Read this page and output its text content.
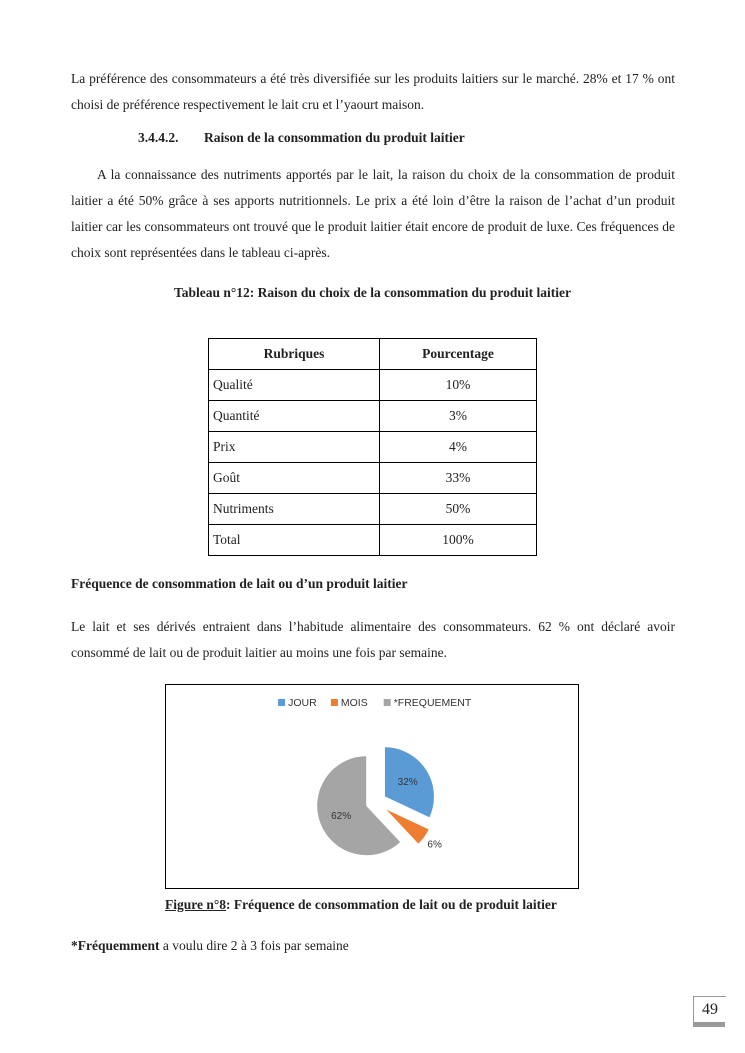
La préférence des consommateurs a été très diversifiée sur les produits laitiers sur le marché. 28% et 17 % ont choisi de préférence respectivement le lait cru et l’yaourt maison.

3.4.4.2. Raison de la consommation du produit laitier

A la connaissance des nutriments apportés par le lait, la raison du choix de la consommation de produit laitier a été 50% grâce à ses apports nutritionnels. Le prix a été loin d’être la raison de l’achat d’un produit laitier car les consommateurs ont trouvé que le produit laitier était encore de produit de luxe. Ces fréquences de choix sont représentées dans le tableau ci-après.

Tableau n°12: Raison du choix de la consommation du produit laitier

Rubriques	Pourcentage
Qualité	10%
Quantité	3%
Prix	4%
Goût	33%
Nutriments	50%
Total	100%

Fréquence de consommation de lait ou d’un produit laitier

Le lait et ses dérivés entraient dans l’habitude alimentaire des consommateurs. 62 % ont déclaré avoir consommé de lait ou de produit laitier au moins une fois par semaine.

JOUR MOIS *FREQUEMENT
32%
6%
62%

Figure n°8: Fréquence de consommation de lait ou de produit laitier

*Fréquemment a voulu dire 2 à 3 fois par semaine

49
